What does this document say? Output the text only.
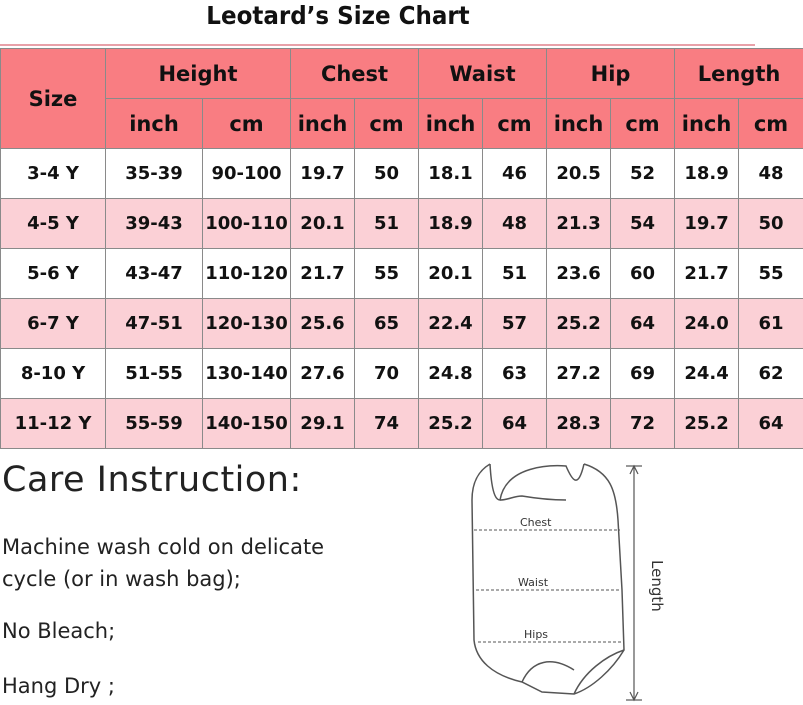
Leotard’s Size Chart
Size	Height		Chest		Waist		Hip		Length	
	inch	cm	inch	cm	inch	cm	inch	cm	inch	cm
3-4 Y	35-39	90-100	19.7	50	18.1	46	20.5	52	18.9	48
4-5 Y	39-43	100-110	20.1	51	18.9	48	21.3	54	19.7	50
5-6 Y	43-47	110-120	21.7	55	20.1	51	23.6	60	21.7	55
6-7 Y	47-51	120-130	25.6	65	22.4	57	25.2	64	24.0	61
8-10 Y	51-55	130-140	27.6	70	24.8	63	27.2	69	24.4	62
11-12 Y	55-59	140-150	29.1	74	25.2	64	28.3	72	25.2	64
Care Instruction:
Machine wash cold on delicate
cycle (or in wash bag);
No Bleach;
Hang Dry ;
Chest
Waist
Hips
Length
